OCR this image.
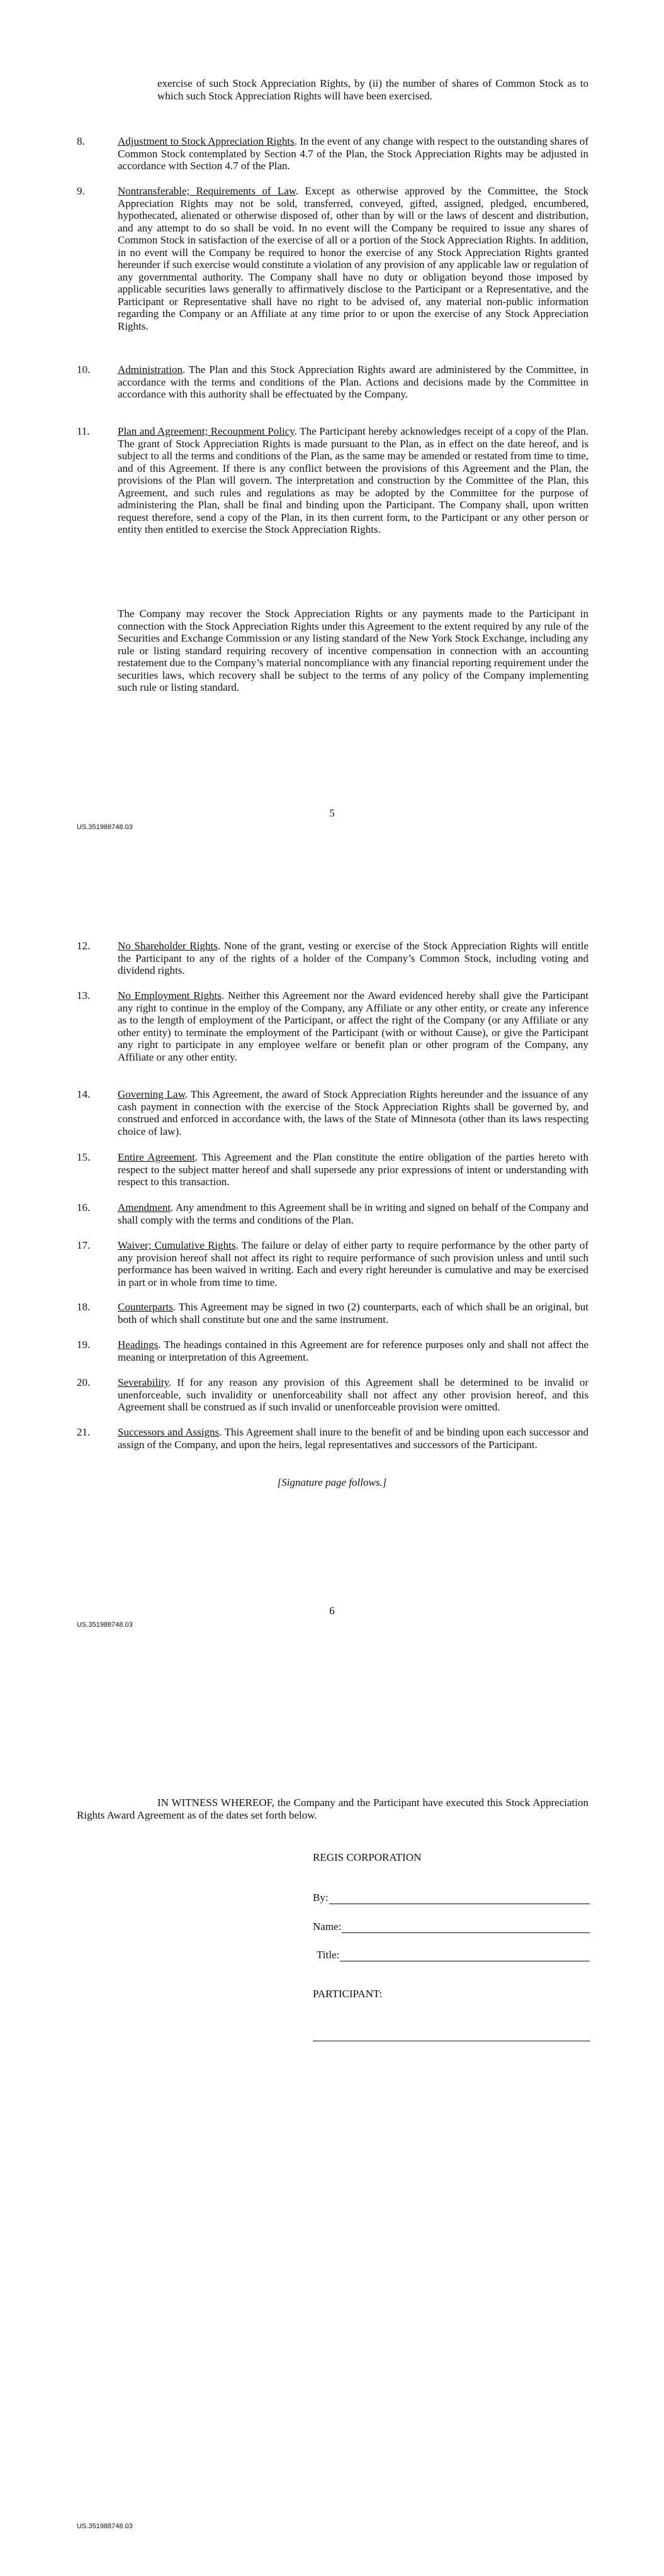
exercise of such Stock Appreciation Rights, by (ii) the number of shares of Common Stock as to which such Stock Appreciation Rights will have been exercised.
8.	Adjustment to Stock Appreciation Rights. In the event of any change with respect to the outstanding shares of Common Stock contemplated by Section 4.7 of the Plan, the Stock Appreciation Rights may be adjusted in accordance with Section 4.7 of the Plan.
9.	Nontransferable; Requirements of Law. Except as otherwise approved by the Committee, the Stock Appreciation Rights may not be sold, transferred, conveyed, gifted, assigned, pledged, encumbered, hypothecated, alienated or otherwise disposed of, other than by will or the laws of descent and distribution, and any attempt to do so shall be void. In no event will the Company be required to issue any shares of Common Stock in satisfaction of the exercise of all or a portion of the Stock Appreciation Rights. In addition, in no event will the Company be required to honor the exercise of any Stock Appreciation Rights granted hereunder if such exercise would constitute a violation of any provision of any applicable law or regulation of any governmental authority. The Company shall have no duty or obligation beyond those imposed by applicable securities laws generally to affirmatively disclose to the Participant or a Representative, and the Participant or Representative shall have no right to be advised of, any material non-public information regarding the Company or an Affiliate at any time prior to or upon the exercise of any Stock Appreciation Rights.
10.	Administration. The Plan and this Stock Appreciation Rights award are administered by the Committee, in accordance with the terms and conditions of the Plan. Actions and decisions made by the Committee in accordance with this authority shall be effectuated by the Company.
11.	Plan and Agreement; Recoupment Policy. The Participant hereby acknowledges receipt of a copy of the Plan. The grant of Stock Appreciation Rights is made pursuant to the Plan, as in effect on the date hereof, and is subject to all the terms and conditions of the Plan, as the same may be amended or restated from time to time, and of this Agreement. If there is any conflict between the provisions of this Agreement and the Plan, the provisions of the Plan will govern. The interpretation and construction by the Committee of the Plan, this Agreement, and such rules and regulations as may be adopted by the Committee for the purpose of administering the Plan, shall be final and binding upon the Participant. The Company shall, upon written request therefore, send a copy of the Plan, in its then current form, to the Participant or any other person or entity then entitled to exercise the Stock Appreciation Rights.
The Company may recover the Stock Appreciation Rights or any payments made to the Participant in connection with the Stock Appreciation Rights under this Agreement to the extent required by any rule of the Securities and Exchange Commission or any listing standard of the New York Stock Exchange, including any rule or listing standard requiring recovery of incentive compensation in connection with an accounting restatement due to the Company’s material noncompliance with any financial reporting requirement under the securities laws, which recovery shall be subject to the terms of any policy of the Company implementing such rule or listing standard.
5
US.351988748.03
12.	No Shareholder Rights. None of the grant, vesting or exercise of the Stock Appreciation Rights will entitle the Participant to any of the rights of a holder of the Company’s Common Stock, including voting and dividend rights.
13.	No Employment Rights. Neither this Agreement nor the Award evidenced hereby shall give the Participant any right to continue in the employ of the Company, any Affiliate or any other entity, or create any inference as to the length of employment of the Participant, or affect the right of the Company (or any Affiliate or any other entity) to terminate the employment of the Participant (with or without Cause), or give the Participant any right to participate in any employee welfare or benefit plan or other program of the Company, any Affiliate or any other entity.
14.	Governing Law. This Agreement, the award of Stock Appreciation Rights hereunder and the issuance of any cash payment in connection with the exercise of the Stock Appreciation Rights shall be governed by, and construed and enforced in accordance with, the laws of the State of Minnesota (other than its laws respecting choice of law).
15.	Entire Agreement. This Agreement and the Plan constitute the entire obligation of the parties hereto with respect to the subject matter hereof and shall supersede any prior expressions of intent or understanding with respect to this transaction.
16.	Amendment. Any amendment to this Agreement shall be in writing and signed on behalf of the Company and shall comply with the terms and conditions of the Plan.
17.	Waiver; Cumulative Rights. The failure or delay of either party to require performance by the other party of any provision hereof shall not affect its right to require performance of such provision unless and until such performance has been waived in writing. Each and every right hereunder is cumulative and may be exercised in part or in whole from time to time.
18.	Counterparts. This Agreement may be signed in two (2) counterparts, each of which shall be an original, but both of which shall constitute but one and the same instrument.
19.	Headings. The headings contained in this Agreement are for reference purposes only and shall not affect the meaning or interpretation of this Agreement.
20.	Severability. If for any reason any provision of this Agreement shall be determined to be invalid or unenforceable, such invalidity or unenforceability shall not affect any other provision hereof, and this Agreement shall be construed as if such invalid or unenforceable provision were omitted.
21.	Successors and Assigns. This Agreement shall inure to the benefit of and be binding upon each successor and assign of the Company, and upon the heirs, legal representatives and successors of the Participant.
[Signature page follows.]
6
US.351988748.03
IN WITNESS WHEREOF, the Company and the Participant have executed this Stock Appreciation Rights Award Agreement as of the dates set forth below.
REGIS CORPORATION
By:
Name:
Title:
PARTICIPANT:
US.351988748.03
